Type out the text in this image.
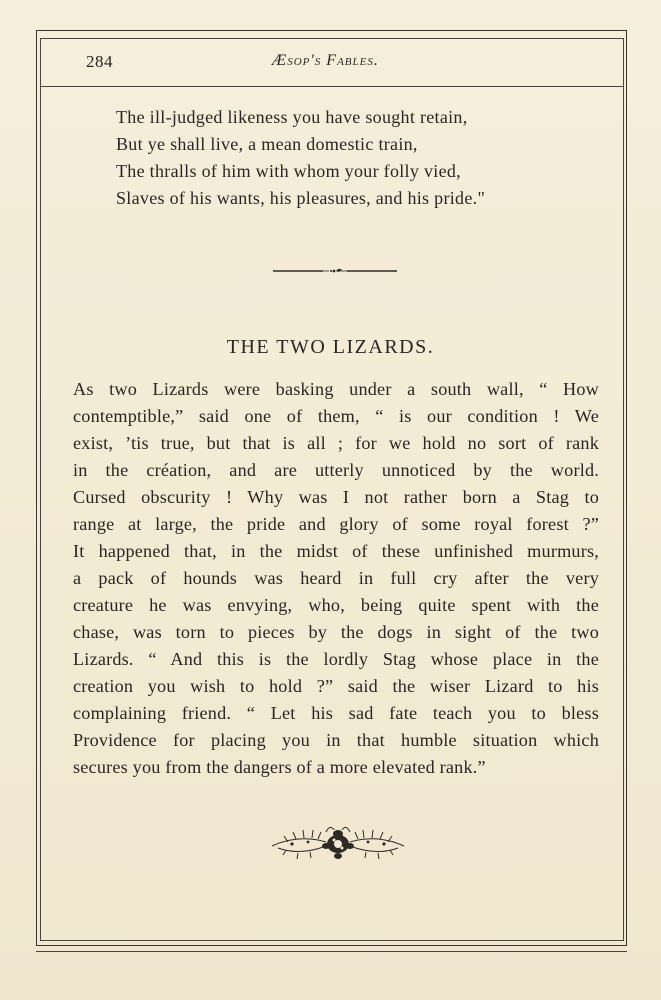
284	Æsop's Fables.
The ill-judged likeness you have sought retain,
But ye shall live, a mean domestic train,
The thralls of him with whom your folly vied,
Slaves of his wants, his pleasures, and his pride."
THE TWO LIZARDS.
As two Lizards were basking under a south wall, “ How
contemptible,” said one of them, “ is our condition ! We
exist, ’tis true, but that is all ; for we hold no sort of rank
in the création, and are utterly unnoticed by the world.
Cursed obscurity ! Why was I not rather born a Stag to
range at large, the pride and glory of some royal forest ?”
It happened that, in the midst of these unfinished murmurs,
a pack of hounds was heard in full cry after the very
creature he was envying, who, being quite spent with the
chase, was torn to pieces by the dogs in sight of the two
Lizards. “ And this is the lordly Stag whose place in the
creation you wish to hold ?” said the wiser Lizard to his
complaining friend. “ Let his sad fate teach you to bless
Providence for placing you in that humble situation which
secures you from the dangers of a more elevated rank.”
